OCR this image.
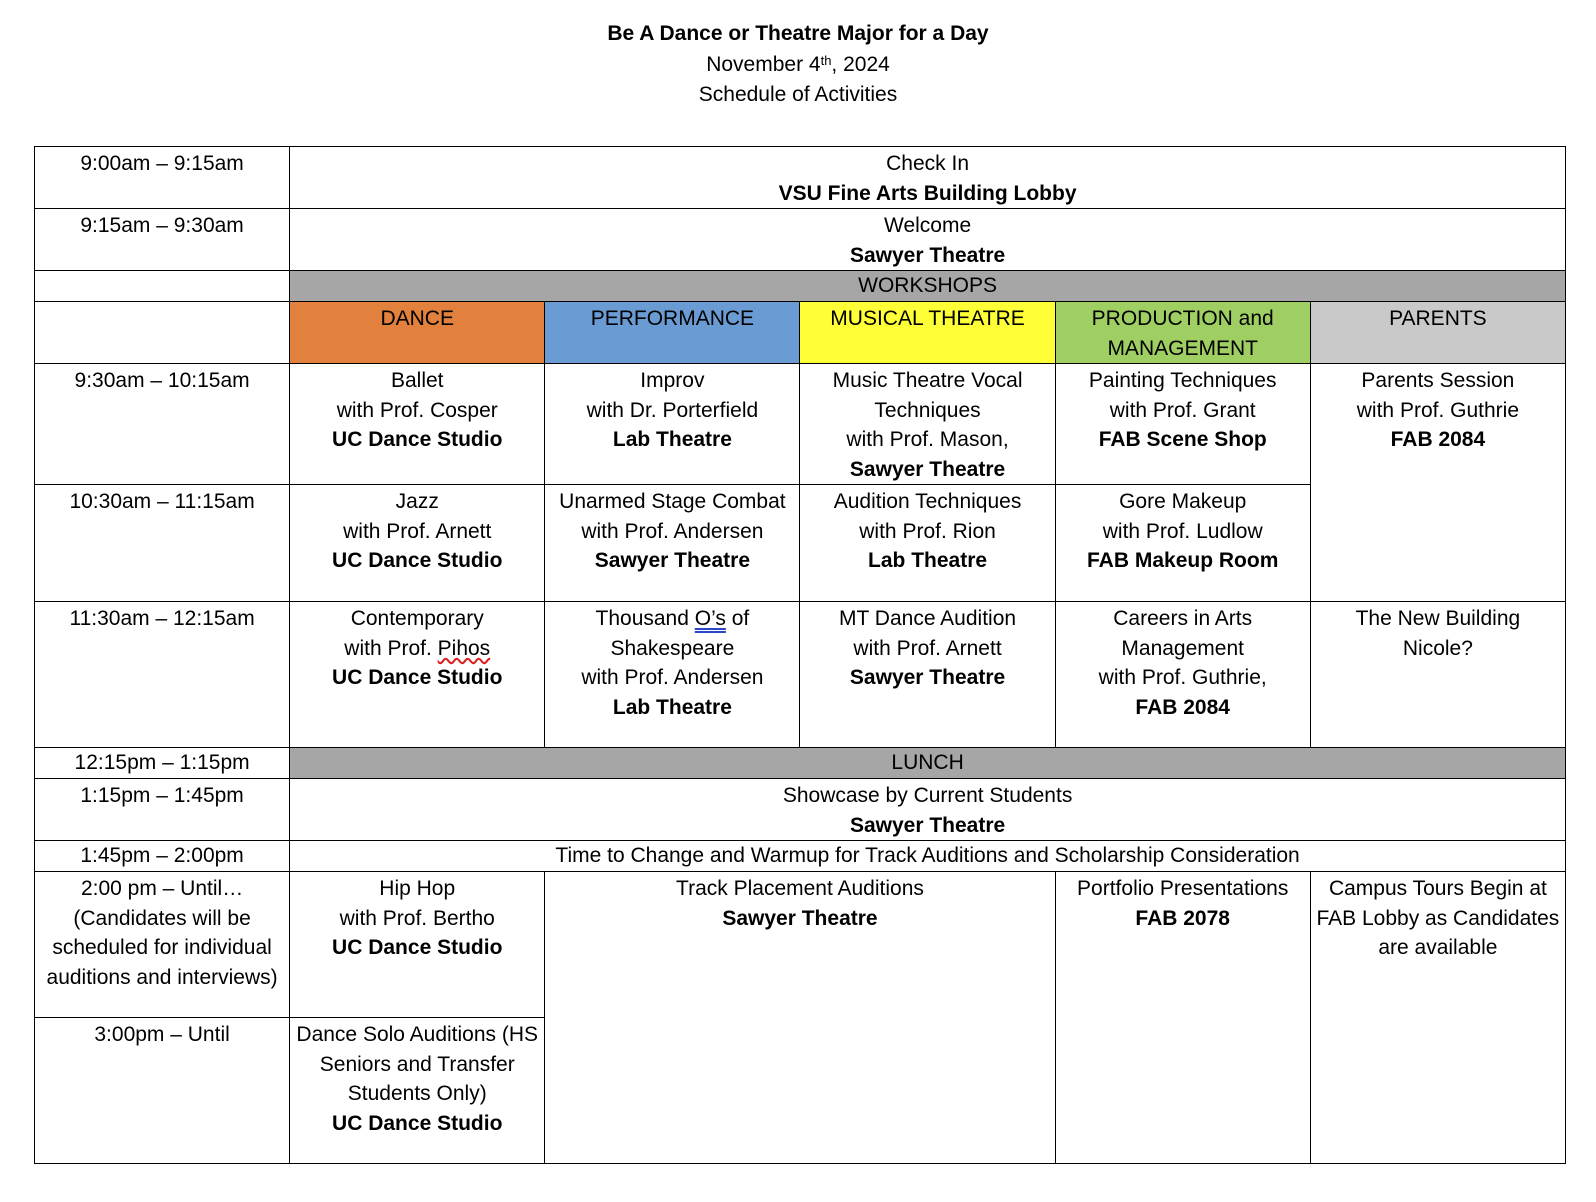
Be A Dance or Theatre Major for a Day
November 4th, 2024
Schedule of Activities
9:00am – 9:15am	Check In
VSU Fine Arts Building Lobby				

9:15am – 9:30am	Welcome
Sawyer Theatre				

	WORKSHOPS				
	DANCE	PERFORMANCE	MUSICAL THEATRE	PRODUCTION and MANAGEMENT	PARENTS
9:30am – 10:15am	Ballet
with Prof. Cosper
UC Dance Studio	Improv
with Dr. Porterfield
Lab Theatre	Music Theatre Vocal Techniques
with Prof. Mason,
Sawyer Theatre	Painting Techniques
with Prof. Grant
FAB Scene Shop	Parents Session
with Prof. Guthrie
FAB 2084

10:30am – 11:15am	Jazz
with Prof. Arnett
UC Dance Studio	Unarmed Stage Combat
with Prof. Andersen
Sawyer Theatre	Audition Techniques
with Prof. Rion
Lab Theatre	Gore Makeup
with Prof. Ludlow
FAB Makeup Room	

11:30am – 12:15am	Contemporary
with Prof. Pihos
UC Dance Studio	Thousand O’s of Shakespeare
with Prof. Andersen
Lab Theatre	MT Dance Audition
with Prof. Arnett
Sawyer Theatre	Careers in Arts Management
with Prof. Guthrie,
FAB 2084	The New Building
Nicole?

12:15pm – 1:15pm	LUNCH				
1:15pm – 1:45pm	Showcase by Current Students
Sawyer Theatre				

1:45pm – 2:00pm	Time to Change and Warmup for Track Auditions and Scholarship Consideration				
2:00 pm – Until… (Candidates will be scheduled for individual auditions and interviews)	Hip Hop
with Prof. Bertho
UC Dance Studio	Track Placement Auditions
Sawyer Theatre		Portfolio Presentations
FAB 2078	Campus Tours Begin at FAB Lobby as Candidates are available
3:00pm – Until	Dance Solo Auditions (HS Seniors and Transfer Students Only)
UC Dance Studio				
